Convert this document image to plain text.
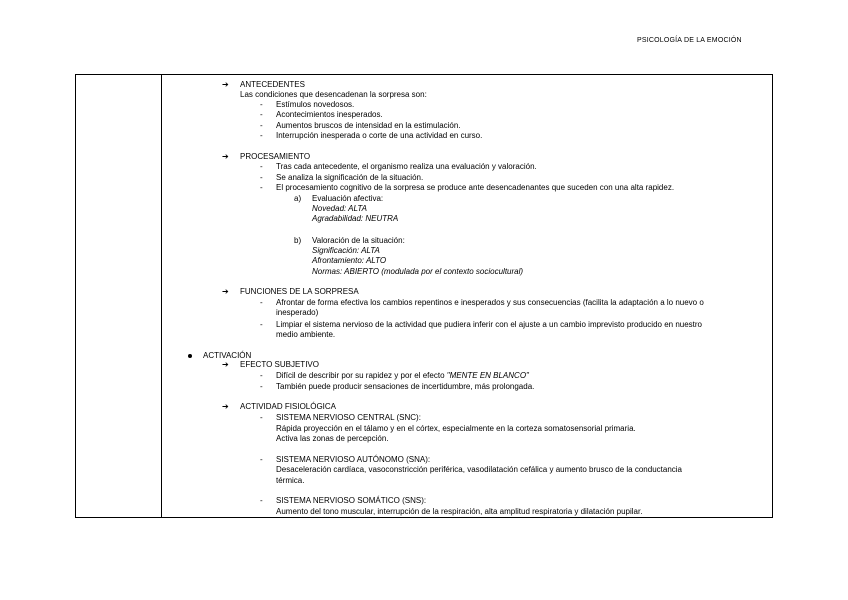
PSICOLOGÍA DE LA EMOCIÓN
➔ ANTECEDENTES
Las condiciones que desencadenan la sorpresa son:
- Estímulos novedosos.
- Acontecimientos inesperados.
- Aumentos bruscos de intensidad en la estimulación.
- Interrupción inesperada o corte de una actividad en curso.
➔ PROCESAMIENTO
- Tras cada antecedente, el organismo realiza una evaluación y valoración.
- Se analiza la significación de la situación.
- El procesamiento cognitivo de la sorpresa se produce ante desencadenantes que suceden con una alta rapidez.
a) Evaluación afectiva:
Novedad: ALTA
Agradabilidad: NEUTRA
b) Valoración de la situación:
Significación: ALTA
Afrontamiento: ALTO
Normas: ABIERTO (modulada por el contexto sociocultural)
➔ FUNCIONES DE LA SORPRESA
- Afrontar de forma efectiva los cambios repentinos e inesperados y sus consecuencias (facilita la adaptación a lo nuevo o
inesperado)
- Limpiar el sistema nervioso de la actividad que pudiera inferir con el ajuste a un cambio imprevisto producido en nuestro
medio ambiente.
ACTIVACIÓN
➔ EFECTO SUBJETIVO
- Difícil de describir por su rapidez y por el efecto "MENTE EN BLANCO"
- También puede producir sensaciones de incertidumbre, más prolongada.
➔ ACTIVIDAD FISIOLÓGICA
- SISTEMA NERVIOSO CENTRAL (SNC):
Rápida proyección en el tálamo y en el córtex, especialmente en la corteza somatosensorial primaria.
Activa las zonas de percepción.
- SISTEMA NERVIOSO AUTÓNOMO (SNA):
Desaceleración cardíaca, vasoconstricción periférica, vasodilatación cefálica y aumento brusco de la conductancia
térmica.
- SISTEMA NERVIOSO SOMÁTICO (SNS):
Aumento del tono muscular, interrupción de la respiración, alta amplitud respiratoria y dilatación pupilar.
